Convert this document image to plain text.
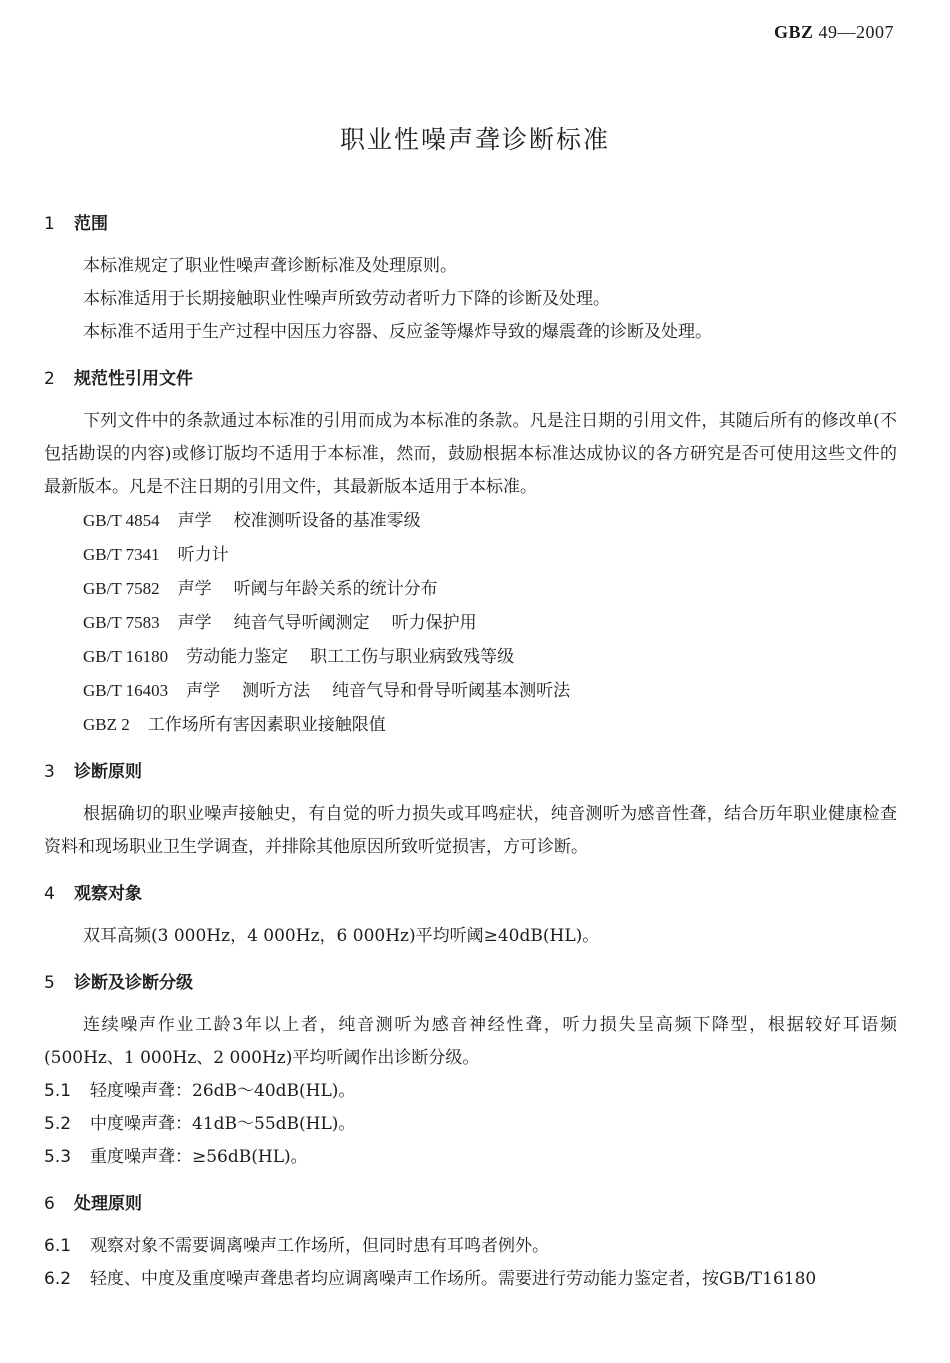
GBZ 49—2007
职业性噪声聋诊断标准
1	范围

本标准规定了职业性噪声聋诊断标准及处理原则。

本标准适用于长期接触职业性噪声所致劳动者听力下降的诊断及处理。

本标准不适用于生产过程中因压力容器、反应釜等爆炸导致的爆震聋的诊断及处理。

2	规范性引用文件

下列文件中的条款通过本标准的引用而成为本标准的条款。凡是注日期的引用文件，其随后所有的修改单(不包括勘误的内容)或修订版均不适用于本标准，然而，鼓励根据本标准达成协议的各方研究是否可使用这些文件的最新版本。凡是不注日期的引用文件，其最新版本适用于本标准。

GB/T 4854 声学 校准测听设备的基准零级
GB/T 7341 听力计
GB/T 7582 声学 听阈与年龄关系的统计分布
GB/T 7583 声学 纯音气导听阈测定 听力保护用
GB/T 16180 劳动能力鉴定 职工工伤与职业病致残等级
GB/T 16403 声学 测听方法 纯音气导和骨导听阈基本测听法
GBZ 2 工作场所有害因素职业接触限值
3	诊断原则

根据确切的职业噪声接触史，有自觉的听力损失或耳鸣症状，纯音测听为感音性聋，结合历年职业健康检查资料和现场职业卫生学调查，并排除其他原因所致听觉损害，方可诊断。

4	观察对象

双耳高频(3 000Hz，4 000Hz，6 000Hz)平均听阈≥40dB(HL)。

5	诊断及诊断分级

连续噪声作业工龄3年以上者，纯音测听为感音神经性聋，听力损失呈高频下降型，根据较好耳语频(500Hz、1 000Hz、2 000Hz)平均听阈作出诊断分级。

5.1	轻度噪声聋：26dB～40dB(HL)。
5.2	中度噪声聋：41dB～55dB(HL)。
5.3	重度噪声聋：≥56dB(HL)。
6	处理原则
6.1	观察对象不需要调离噪声工作场所，但同时患有耳鸣者例外。
6.2	轻度、中度及重度噪声聋患者均应调离噪声工作场所。需要进行劳动能力鉴定者，按GB/T16180
